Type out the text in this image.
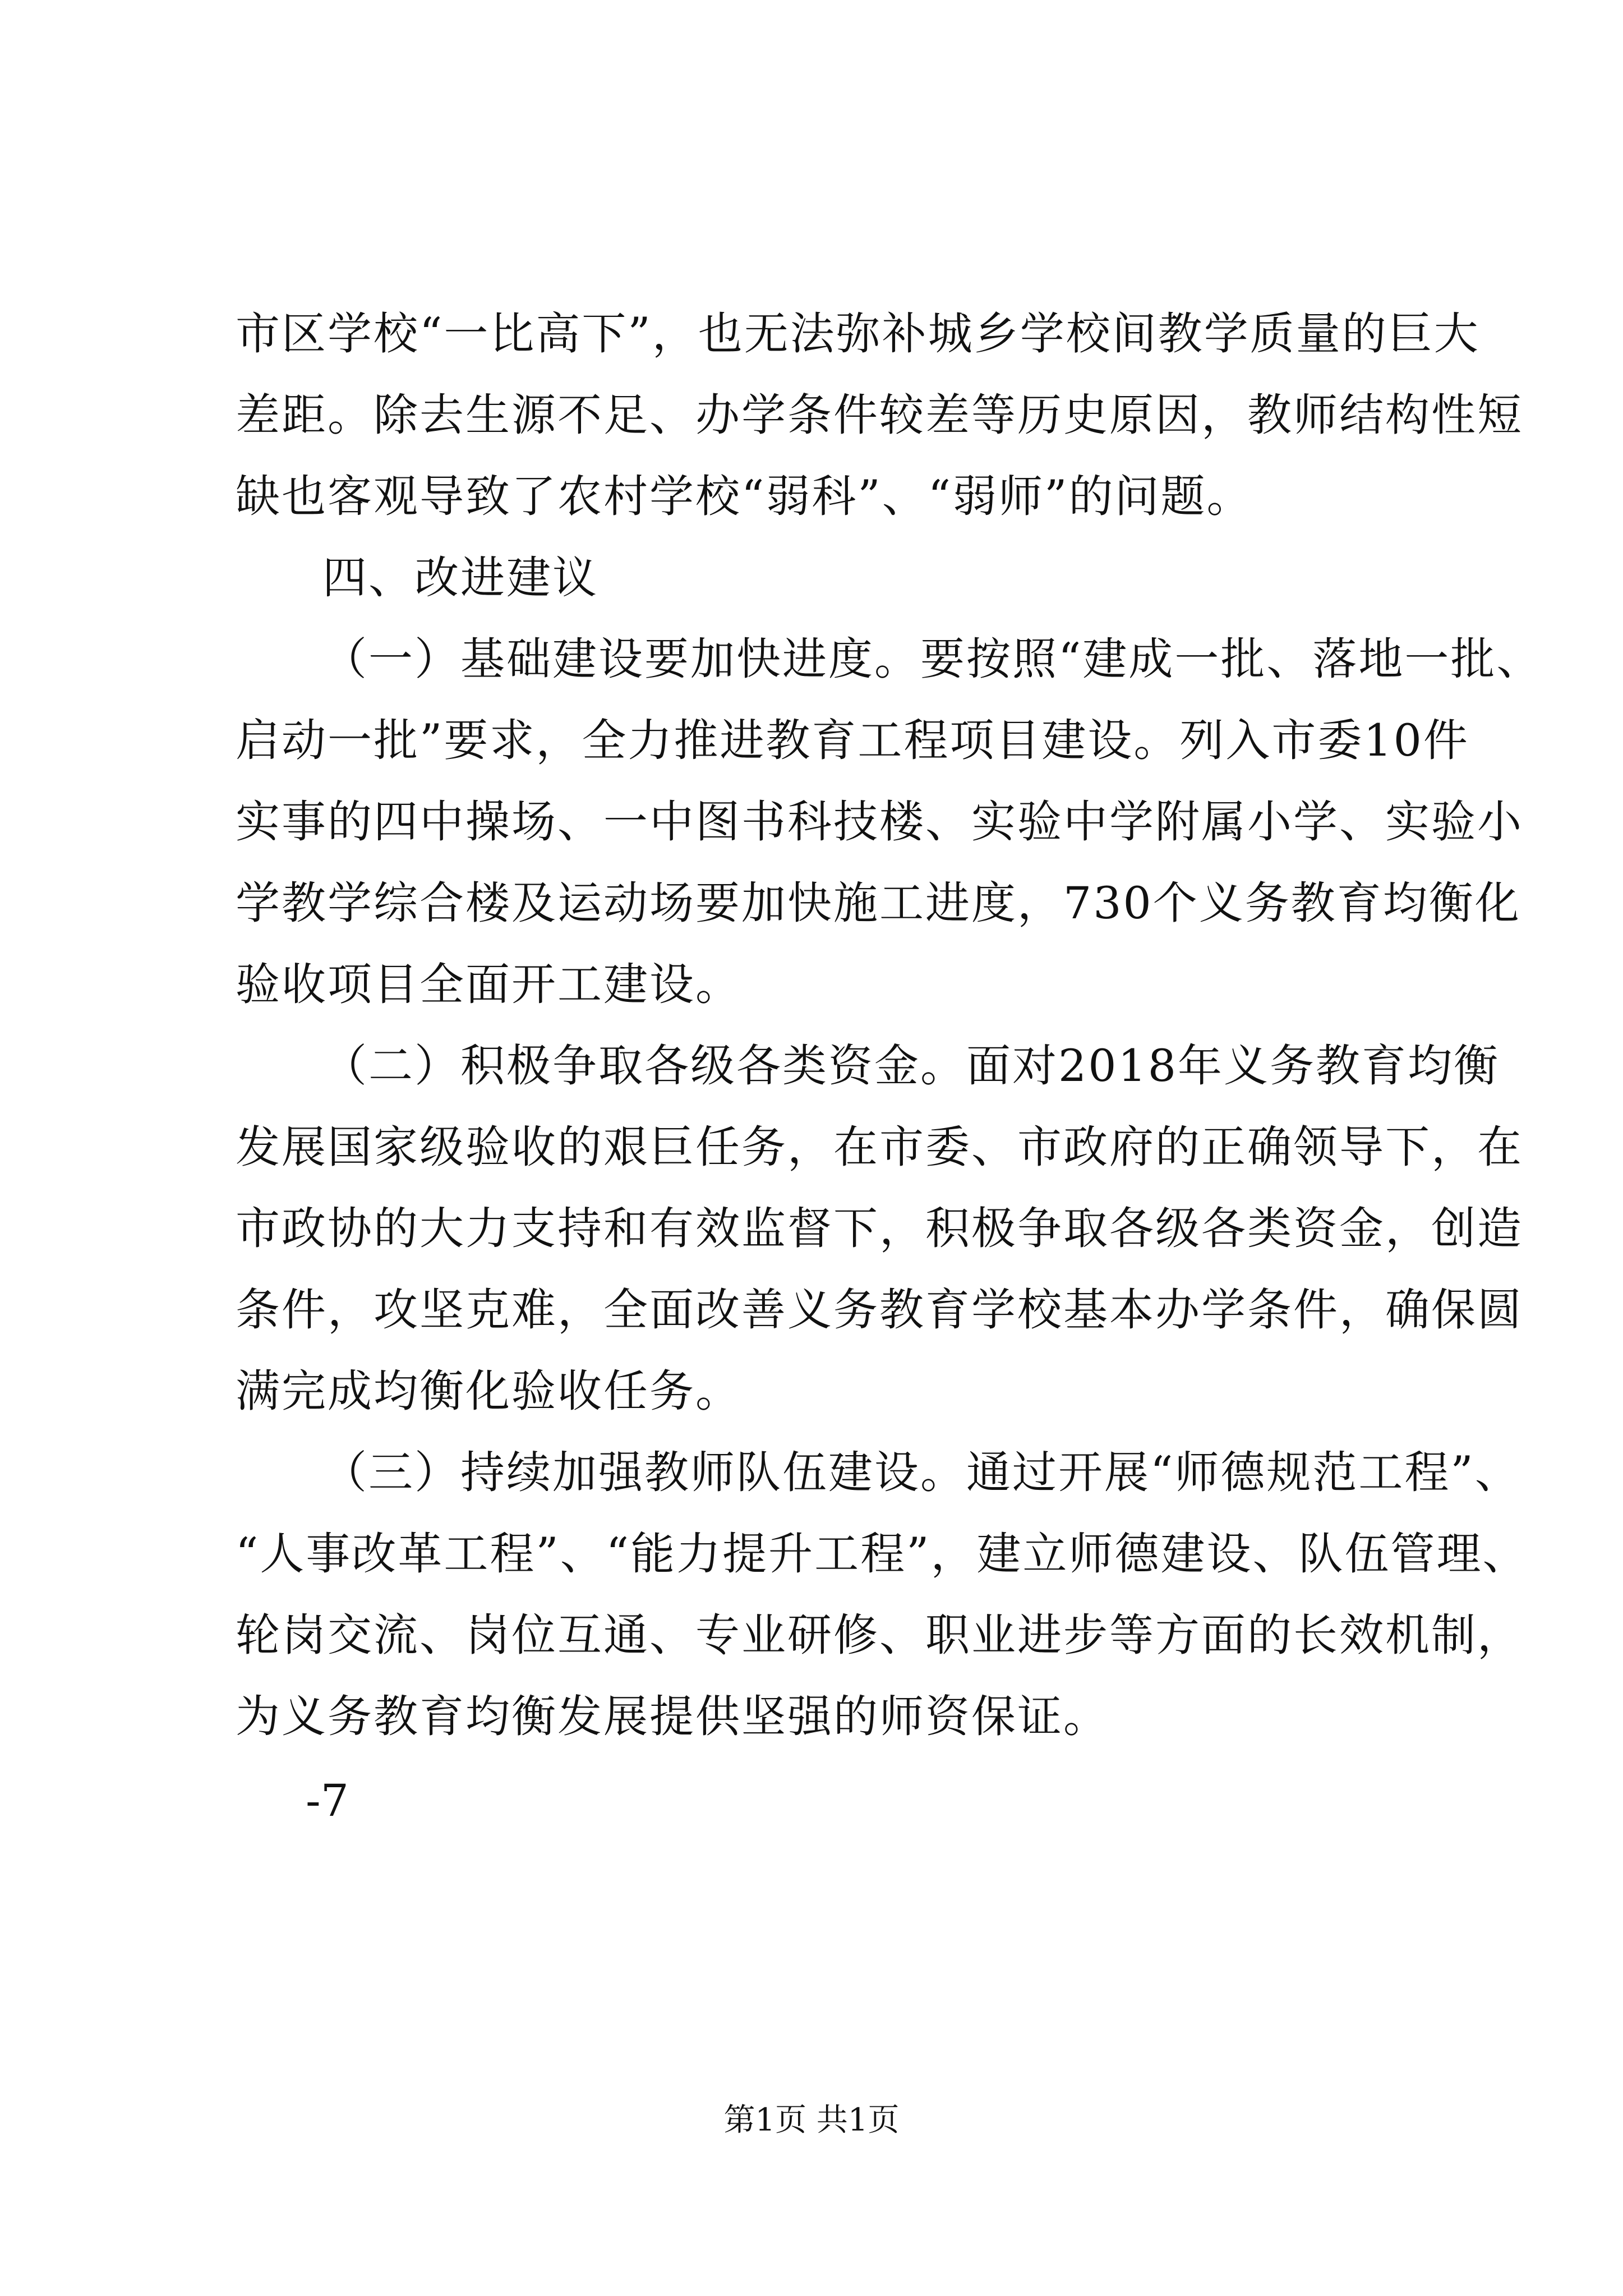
市区学校“一比高下”，也无法弥补城乡学校间教学质量的巨大
差距。除去生源不足、办学条件较差等历史原因，教师结构性短
缺也客观导致了农村学校“弱科”、“弱师”的问题。
四、改进建议
（一）基础建设要加快进度。要按照“建成一批、落地一批、
启动一批”要求，全力推进教育工程项目建设。列入市委10件
实事的四中操场、一中图书科技楼、实验中学附属小学、实验小
学教学综合楼及运动场要加快施工进度，730个义务教育均衡化
验收项目全面开工建设。
（二）积极争取各级各类资金。面对2018年义务教育均衡
发展国家级验收的艰巨任务，在市委、市政府的正确领导下，在
市政协的大力支持和有效监督下，积极争取各级各类资金，创造
条件，攻坚克难，全面改善义务教育学校基本办学条件，确保圆
满完成均衡化验收任务。
（三）持续加强教师队伍建设。通过开展“师德规范工程”、
“人事改革工程”、“能力提升工程”，建立师德建设、队伍管理、
轮岗交流、岗位互通、专业研修、职业进步等方面的长效机制，
为义务教育均衡发展提供坚强的师资保证。
-7
第1页 共1页
